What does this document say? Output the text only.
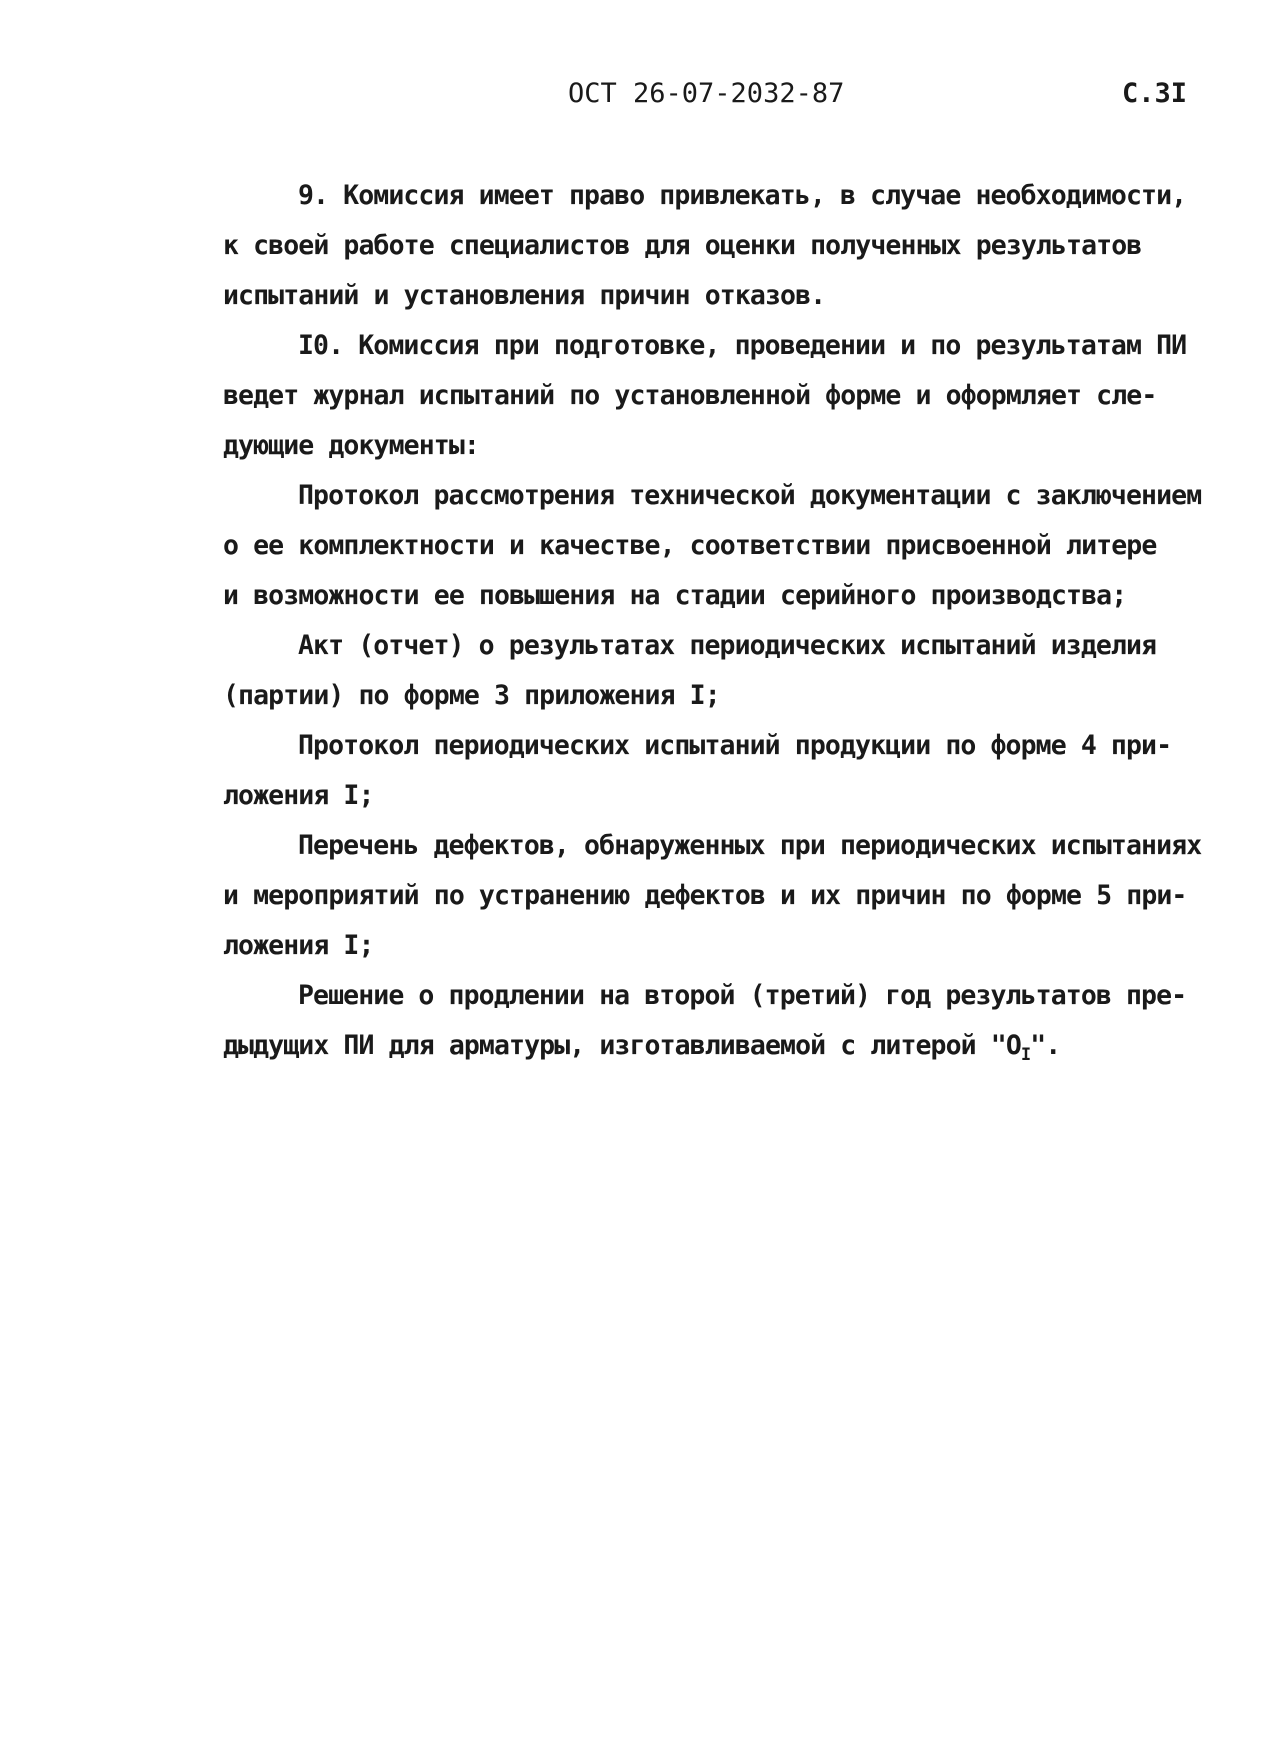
ОСТ 26-07-2032-87	С.3I
9. Комиссия имеет право привлекать, в случае необходимости,
к своей работе специалистов для оценки полученных результатов
испытаний и установления причин отказов.
I0. Комиссия при подготовке, проведении и по результатам ПИ
ведет журнал испытаний по установленной форме и оформляет сле-
дующие документы:
Протокол рассмотрения технической документации с заключением
о ее комплектности и качестве, соответствии присвоенной литере
и возможности ее повышения на стадии серийного производства;
Акт (отчет) о результатах периодических испытаний изделия
(партии) по форме 3 приложения I;
Протокол периодических испытаний продукции по форме 4 при-
ложения I;
Перечень дефектов, обнаруженных при периодических испытаниях
и мероприятий по устранению дефектов и их причин по форме 5 при-
ложения I;
Решение о продлении на второй (третий) год результатов пре-
дыдущих ПИ для арматуры, изготавливаемой с литерой "$О_I$".
